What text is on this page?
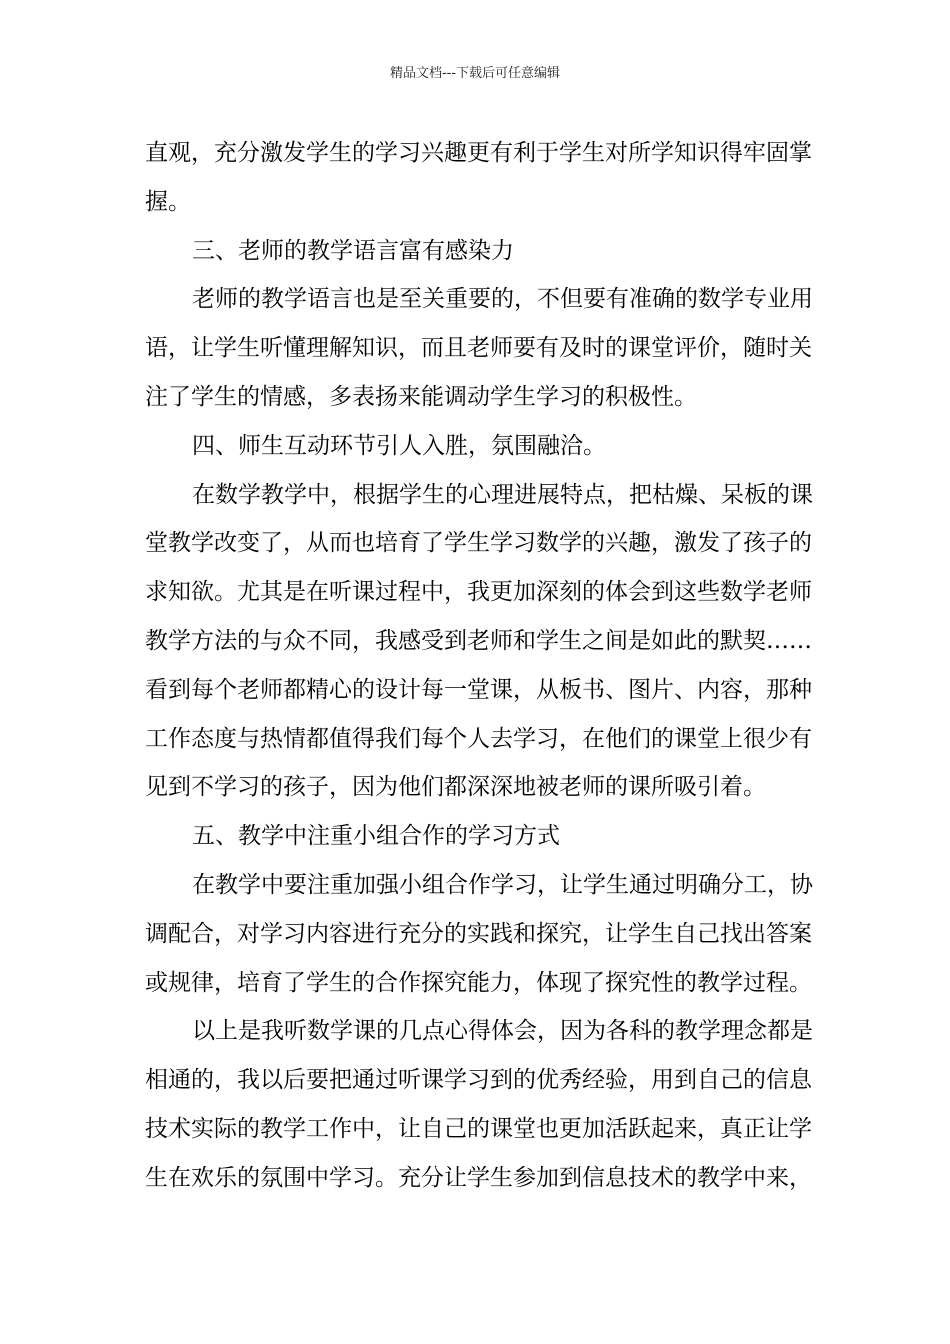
精品文档---下载后可任意编辑
直观，充分激发学生的学习兴趣更有利于学生对所学知识得牢固掌
握。
三、老师的教学语言富有感染力
老师的教学语言也是至关重要的，不但要有准确的数学专业用
语，让学生听懂理解知识，而且老师要有及时的课堂评价，随时关
注了学生的情感，多表扬来能调动学生学习的积极性。
四、师生互动环节引人入胜，氛围融洽。
在数学教学中，根据学生的心理进展特点，把枯燥、呆板的课
堂教学改变了，从而也培育了学生学习数学的兴趣，激发了孩子的
求知欲。尤其是在听课过程中，我更加深刻的体会到这些数学老师
教学方法的与众不同，我感受到老师和学生之间是如此的默契……
看到每个老师都精心的设计每一堂课，从板书、图片、内容，那种
工作态度与热情都值得我们每个人去学习，在他们的课堂上很少有
见到不学习的孩子，因为他们都深深地被老师的课所吸引着。
五、教学中注重小组合作的学习方式
在教学中要注重加强小组合作学习，让学生通过明确分工，协
调配合，对学习内容进行充分的实践和探究，让学生自己找出答案
或规律，培育了学生的合作探究能力，体现了探究性的教学过程。
以上是我听数学课的几点心得体会，因为各科的教学理念都是
相通的，我以后要把通过听课学习到的优秀经验，用到自己的信息
技术实际的教学工作中，让自己的课堂也更加活跃起来，真正让学
生在欢乐的氛围中学习。充分让学生参加到信息技术的教学中来，
